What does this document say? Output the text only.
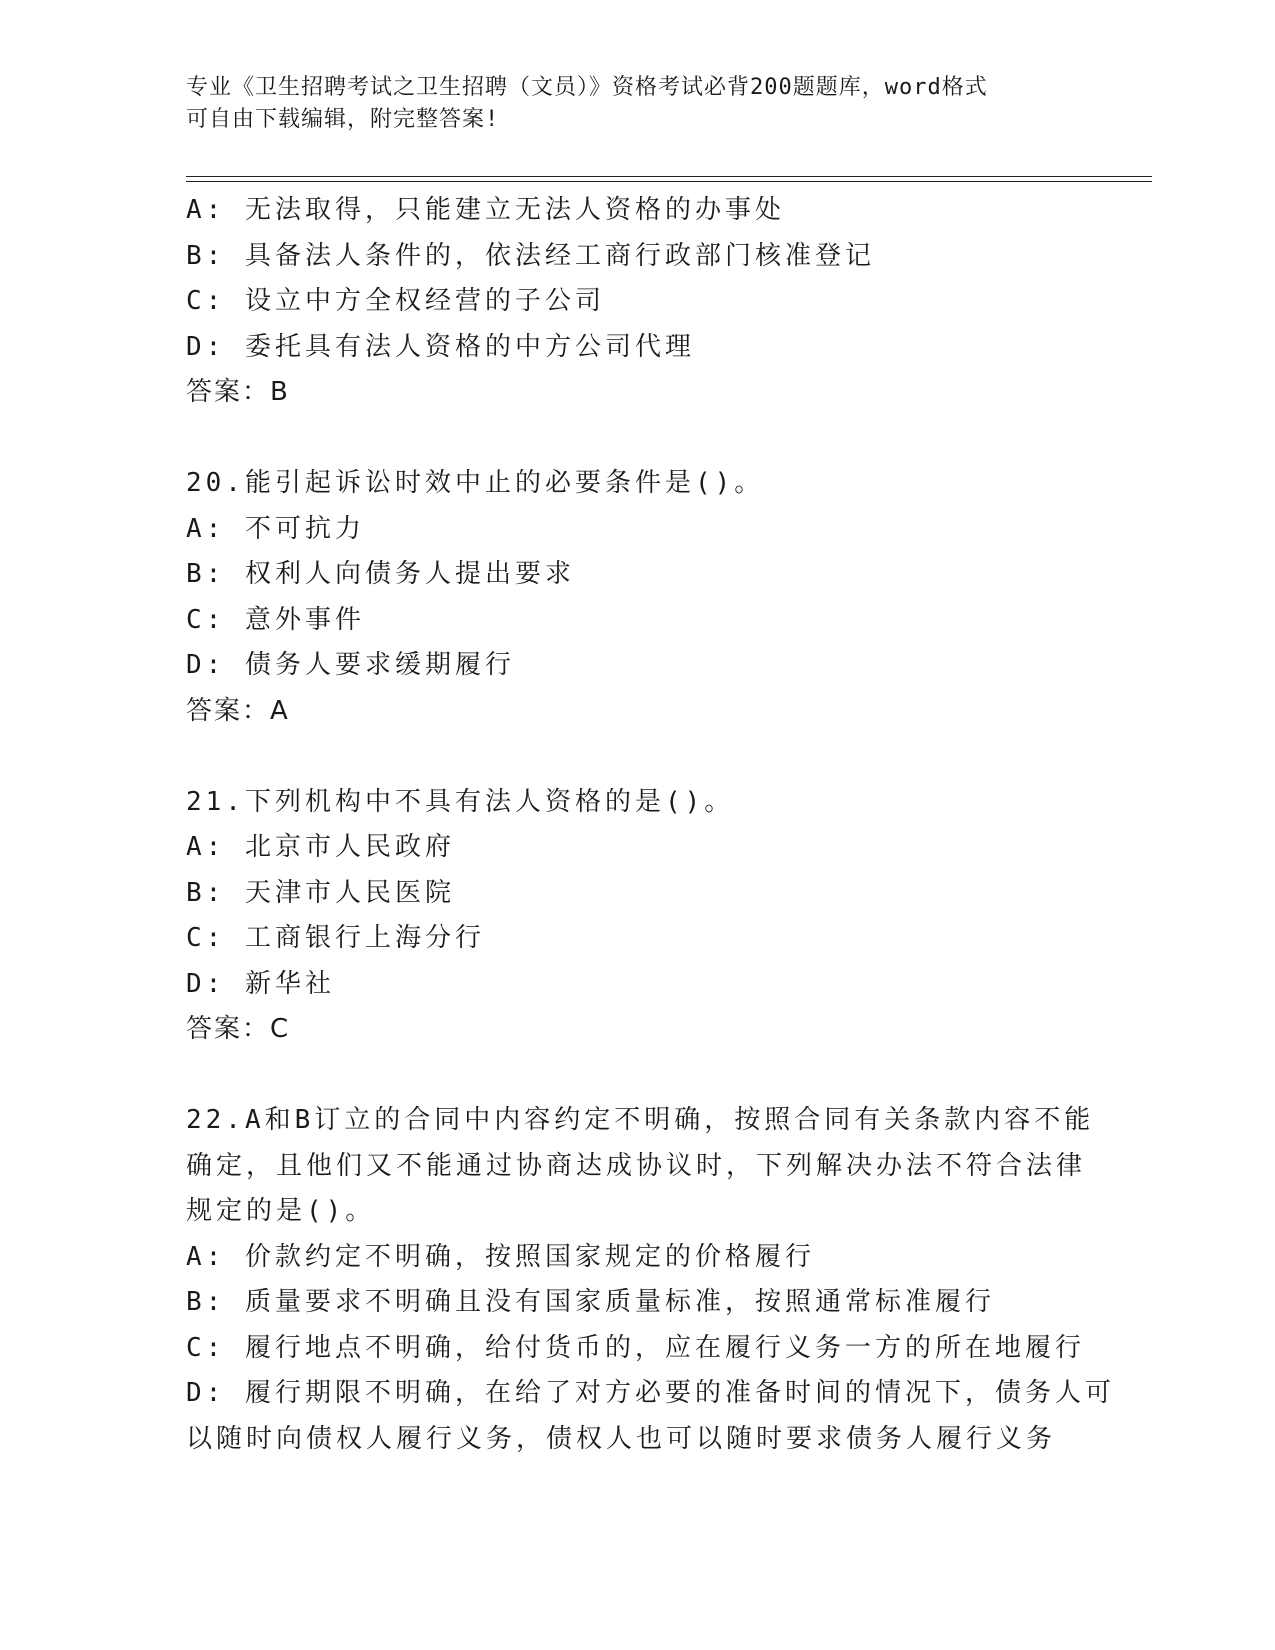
专业《卫生招聘考试之卫生招聘（文员）》资格考试必背200题题库，word格式
可自由下载编辑，附完整答案!
A: 无法取得，只能建立无法人资格的办事处
B: 具备法人条件的，依法经工商行政部门核准登记
C: 设立中方全权经营的子公司
D: 委托具有法人资格的中方公司代理
答案：B
20.能引起诉讼时效中止的必要条件是()。
A: 不可抗力
B: 权利人向债务人提出要求
C: 意外事件
D: 债务人要求缓期履行
答案：A
21.下列机构中不具有法人资格的是()。
A: 北京市人民政府
B: 天津市人民医院
C: 工商银行上海分行
D: 新华社
答案：C
22.A和B订立的合同中内容约定不明确，按照合同有关条款内容不能
确定，且他们又不能通过协商达成协议时，下列解决办法不符合法律
规定的是()。
A: 价款约定不明确，按照国家规定的价格履行
B: 质量要求不明确且没有国家质量标准，按照通常标准履行
C: 履行地点不明确，给付货币的，应在履行义务一方的所在地履行
D: 履行期限不明确，在给了对方必要的准备时间的情况下，债务人可
以随时向债权人履行义务，债权人也可以随时要求债务人履行义务
